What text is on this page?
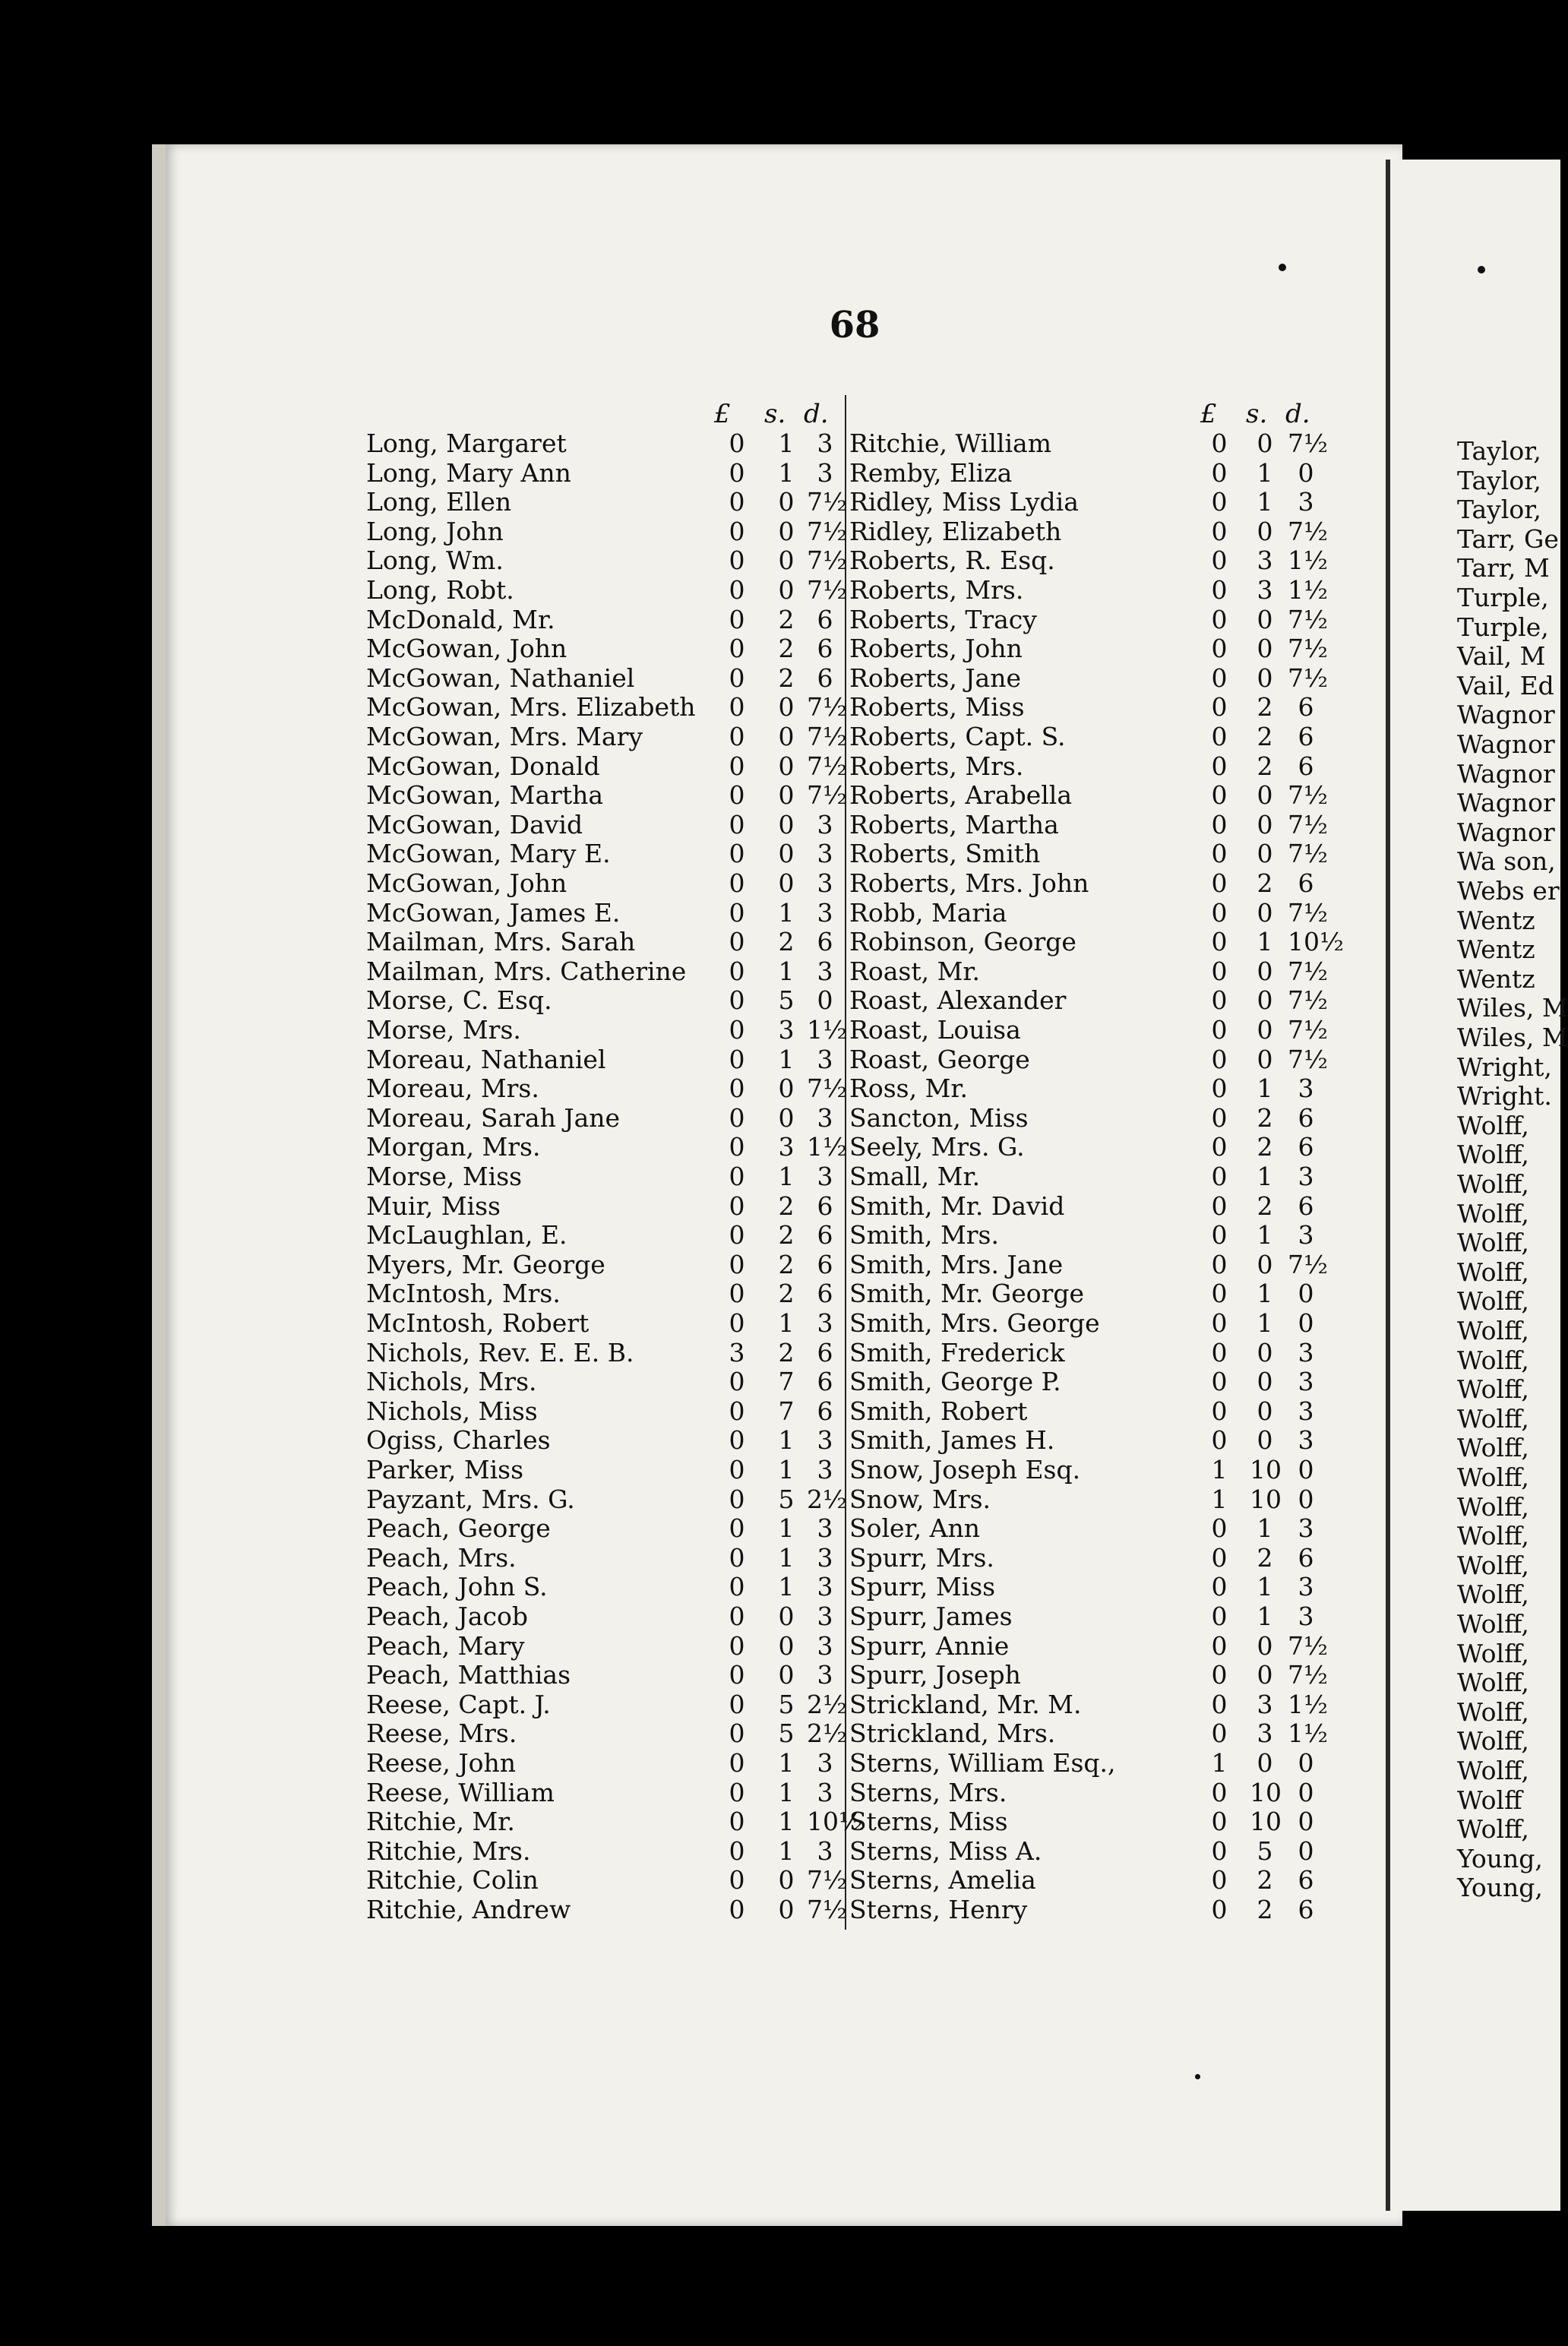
68
£ s. d.	£ s. d.
Long, Margaret	0 1 3
Long, Mary Ann	0 1 3
Long, Ellen	0 0 7½
Long, John	0 0 7½
Long, Wm.	0 0 7½
Long, Robt.	0 0 7½
McDonald, Mr.	0 2 6
McGowan, John	0 2 6
McGowan, Nathaniel	0 2 6
McGowan, Mrs. Elizabeth 0 0 7½
McGowan, Mrs. Mary	0 0 7½
McGowan, Donald	0 0 7½
McGowan, Martha	0 0 7½
McGowan, David	0 0 3
McGowan, Mary E.	0 0 3
McGowan, John	0 0 3
McGowan, James E.	0 1 3
Mailman, Mrs. Sarah	0 2 6
Mailman, Mrs. Catherine 0 1 3
Morse, C. Esq.	0 5 0
Morse, Mrs.	0 3 1½
Moreau, Nathaniel	0 1 3
Moreau, Mrs.	0 0 7½
Moreau, Sarah Jane	0 0 3
Morgan, Mrs.	0 3 1½
Morse, Miss	0 1 3
Muir, Miss	0 2 6
McLaughlan, E.	0 2 6
Myers, Mr. George	0 2 6
McIntosh, Mrs.	0 2 6
McIntosh, Robert	0 1 3
Nichols, Rev. E. E. B.	3 2 6
Nichols, Mrs.	0 7 6
Nichols, Miss	0 7 6
Ogiss, Charles	0 1 3
Parker, Miss	0 1 3
Payzant, Mrs. G.	0 5 2½
Peach, George	0 1 3
Peach, Mrs.	0 1 3
Peach, John S.	0 1 3
Peach, Jacob	0 0 3
Peach, Mary	0 0 3
Peach, Matthias	0 0 3
Reese, Capt. J.	0 5 2½
Reese, Mrs.	0 5 2½
Reese, John	0 1 3
Reese, William	0 1 3
Ritchie, Mr.	0 1 10½
Ritchie, Mrs.	0 1 3
Ritchie, Colin	0 0 7½
Ritchie, Andrew	0 0 7½
Ritchie, William	0 0 7½
Remby, Eliza	0 1	0
Ridley, Miss Lydia	0 1	3
Ridley, Elizabeth	0 0 7½
Roberts, R. Esq.	0 3 1½
Roberts, Mrs.	0 3 1½
Roberts, Tracy	0 0 7½
Roberts, John	0 0 7½
Roberts, Jane	0 0 7½
Roberts, Miss	0 2	6
Roberts, Capt. S.	0 2	6
Roberts, Mrs.	0 2	6
Roberts, Arabella	0 0 7½
Roberts, Martha	0 0 7½
Roberts, Smith	0 0 7½
Roberts, Mrs. John	0 2	6
Robb, Maria	0 0 7½
Robinson, George	0 1 10½
Roast, Mr.	0 0 7½
Roast, Alexander	0 0 7½
Roast, Louisa	0 0 7½
Roast, George	0 0 7½
Ross, Mr.	0 1	3
Sancton, Miss	0 2	6
Seely, Mrs. G.	0 2	6
Small, Mr.	0 1	3
Smith, Mr. David	0 2	6
Smith, Mrs.	0 1	3
Smith, Mrs. Jane	0 0 7½
Smith, Mr. George	0 1	0
Smith, Mrs. George	0 1	0
Smith, Frederick	0 0	3
Smith, George P.	0 0	3
Smith, Robert	0 0	3
Smith, James H.	0 0	3
Snow, Joseph Esq.	1 10 0
Snow, Mrs.	1 10 0
Soler, Ann	0 1	3
Spurr, Mrs.	0 2	6
Spurr, Miss	0 1	3
Spurr, James	0 1	3
Spurr, Annie	0 0 7½
Spurr, Joseph	0 0 7½
Strickland, Mr. M.	0 3 1½
Strickland, Mrs.	0 3 1½
Sterns, William Esq.,	1 0	0
Sterns, Mrs.	0 10 0
Sterns, Miss	0 10 0
Sterns, Miss A.	0 5	0
Sterns, Amelia	0 2	6
Sterns, Henry	0 2	6
Taylor,
Taylor,
Taylor,
Tarr, Ge
Tarr, M
Turple,
Turple,
Vail, M
Vail, Ed
Wagnor
Wagnor
Wagnor
Wagnor
Wagnor
Wa son,
Webs er
Wentz
Wentz
Wentz
Wiles, M
Wiles, M
Wright,
Wright.
Wolff,
Wolff,
Wolff,
Wolff,
Wolff,
Wolff,
Wolff,
Wolff,
Wolff,
Wolff,
Wolff,
Wolff,
Wolff,
Wolff,
Wolff,
Wolff,
Wolff,
Wolff,
Wolff,
Wolff,
Wolff,
Wolff,
Wolff,
Wolff
Wolff,
Young,
Young,
